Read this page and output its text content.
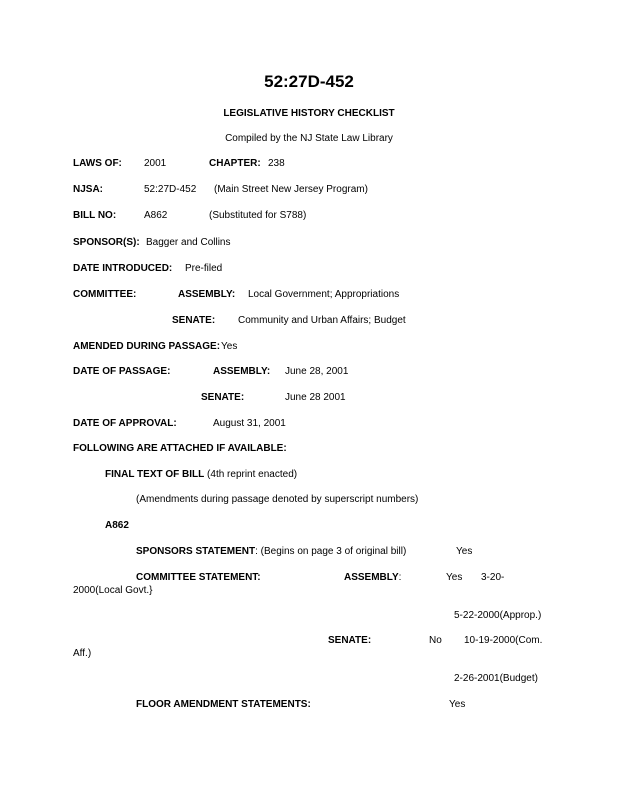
52:27D-452
LEGISLATIVE HISTORY CHECKLIST
Compiled by the NJ State Law Library
LAWS OF: 2001	CHAPTER: 238
NJSA:	52:27D-452 (Main Street New Jersey Program)
BILL NO:	A862	(Substituted for S788)
SPONSOR(S): Bagger and Collins
DATE INTRODUCED: Pre-filed
COMMITTEE:	ASSEMBLY: Local Government; Appropriations
SENATE: Community and Urban Affairs; Budget
AMENDED DURING PASSAGE: Yes
DATE OF PASSAGE:	ASSEMBLY: June 28, 2001
SENATE:	June 28 2001
DATE OF APPROVAL:	August 31, 2001
FOLLOWING ARE ATTACHED IF AVAILABLE:
FINAL TEXT OF BILL (4th reprint enacted)
(Amendments during passage denoted by superscript numbers)
A862
SPONSORS STATEMENT: (Begins on page 3 of original bill)	Yes
COMMITTEE STATEMENT:	ASSEMBLY:	Yes 3-20-
2000(Local Govt.}
5-22-2000(Approp.)
SENATE:	No 10-19-2000(Com.
Aff.)
2-26-2001(Budget)
FLOOR AMENDMENT STATEMENTS:	Yes
